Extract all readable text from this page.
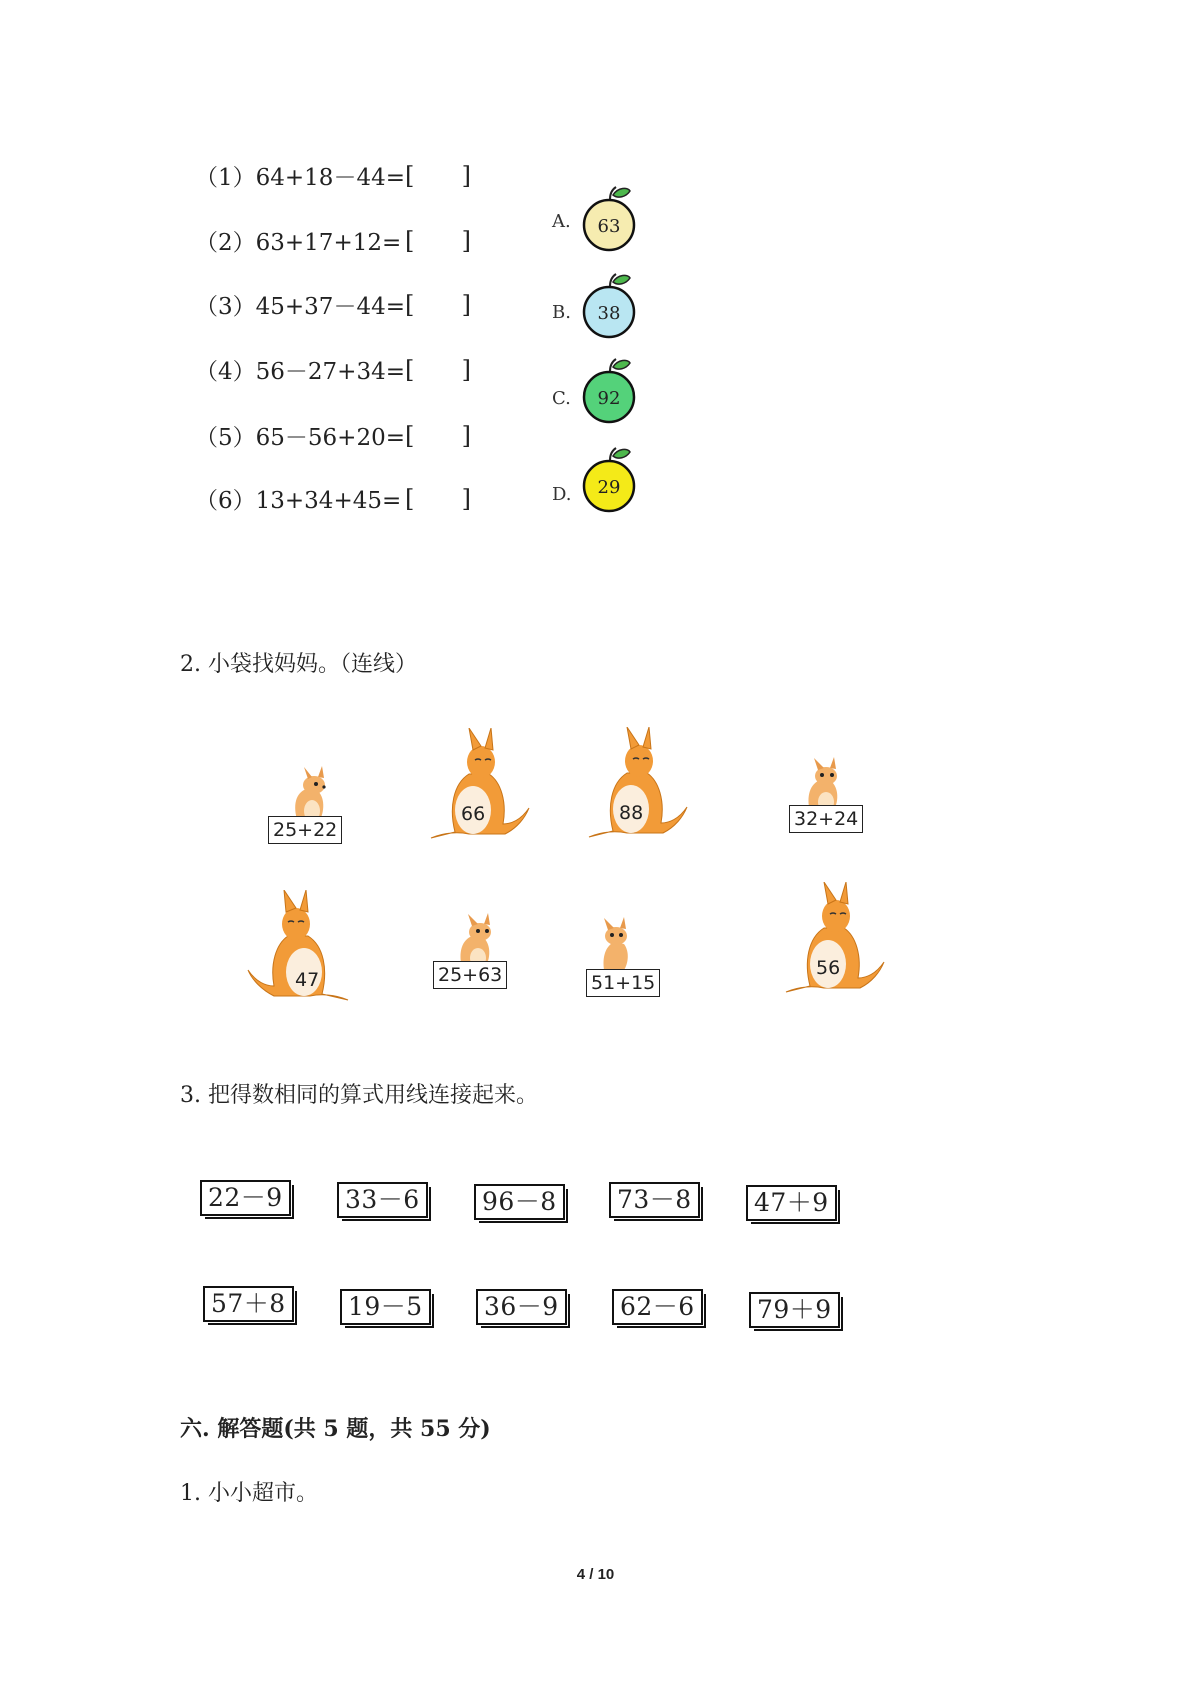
（1）64+18－44= [ ]
（2）63+17+12= [ ]
（3）45+37－44= [ ]
（4）56－27+34= [ ]
（5）65－56+20= [ ]
（6）13+34+45= [ ]
A. 63
B. 38
C. 92
D. 29
2. 小袋找妈妈。（连线）
25+22
66	88	32+24
47	25+63	51+15
56
3. 把得数相同的算式用线连接起来。
22－9	33－6	96－8	73－8	47＋9
57＋8	19－5	36－9	62－6	79＋9
六. 解答题(共 5 题，共 55 分)
1. 小小超市。
4 / 10
